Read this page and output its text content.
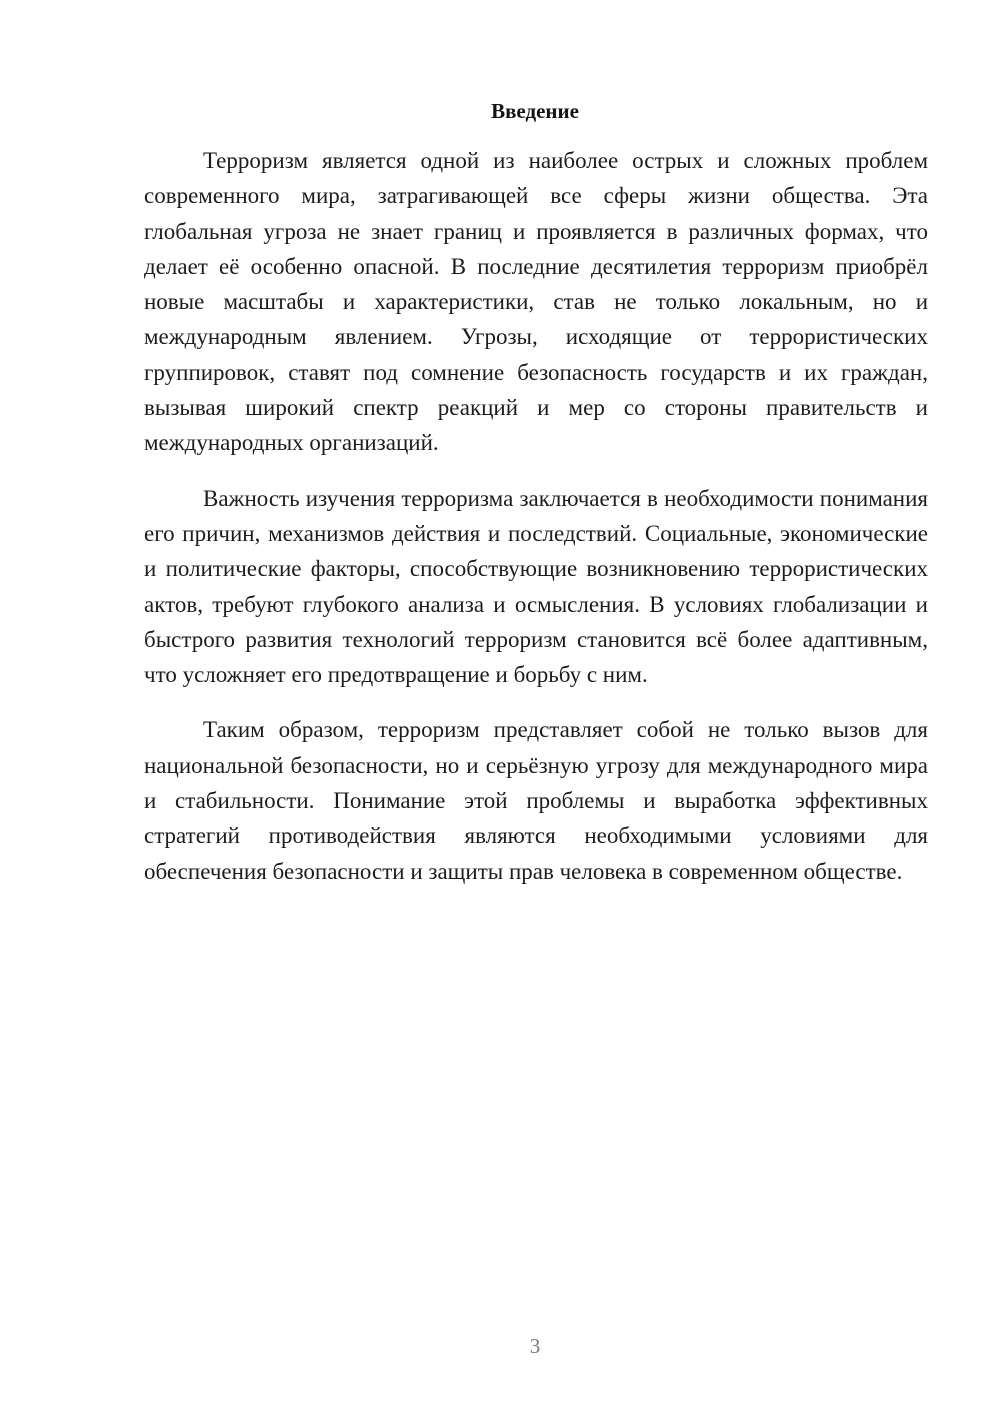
Введение

Терроризм является одной из наиболее острых и сложных проблем современного мира, затрагивающей все сферы жизни общества. Эта глобальная угроза не знает границ и проявляется в различных формах, что делает её особенно опасной. В последние десятилетия терроризм приобрёл новые масштабы и характеристики, став не только локальным, но и международным явлением. Угрозы, исходящие от террористических группировок, ставят под сомнение безопасность государств и их граждан, вызывая широкий спектр реакций и мер со стороны правительств и международных организаций.

Важность изучения терроризма заключается в необходимости понимания его причин, механизмов действия и последствий. Социальные, экономические и политические факторы, способствующие возникновению террористических актов, требуют глубокого анализа и осмысления. В условиях глобализации и быстрого развития технологий терроризм становится всё более адаптивным, что усложняет его предотвращение и борьбу с ним.

Таким образом, терроризм представляет собой не только вызов для национальной безопасности, но и серьёзную угрозу для международного мира и стабильности. Понимание этой проблемы и выработка эффективных стратегий противодействия являются необходимыми условиями для обеспечения безопасности и защиты прав человека в современном обществе.

3
